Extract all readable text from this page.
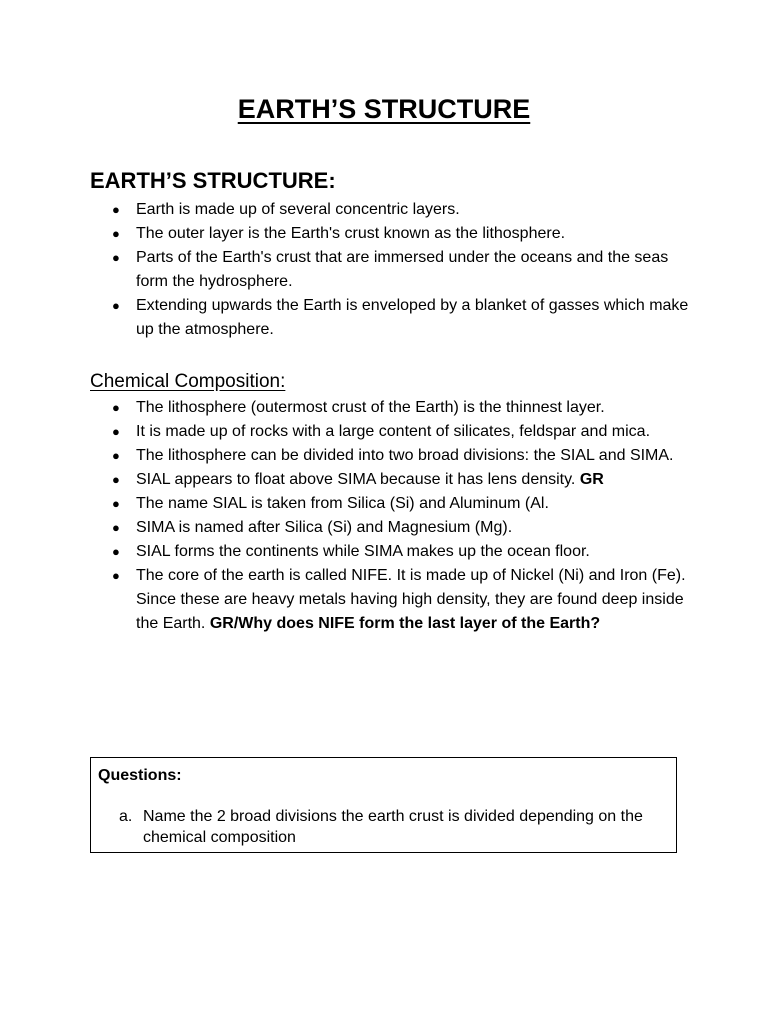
EARTH’S STRUCTURE
EARTH’S STRUCTURE:
● Earth is made up of several concentric layers.
● The outer layer is the Earth's crust known as the lithosphere.
● Parts of the Earth's crust that are immersed under the oceans and the seas form the hydrosphere.
● Extending upwards the Earth is enveloped by a blanket of gasses which make up the atmosphere.
Chemical Composition:
● The lithosphere (outermost crust of the Earth) is the thinnest layer.
● It is made up of rocks with a large content of silicates, feldspar and mica.
● The lithosphere can be divided into two broad divisions: the SIAL and SIMA.
● SIAL appears to float above SIMA because it has lens density. GR
● The name SIAL is taken from Silica (Si) and Aluminum (Al.
● SIMA is named after Silica (Si) and Magnesium (Mg).
● SIAL forms the continents while SIMA makes up the ocean floor.
● The core of the earth is called NIFE. It is made up of Nickel (Ni) and Iron (Fe). Since these are heavy metals having high density, they are found deep inside the Earth. GR/Why does NIFE form the last layer of the Earth?

Questions:

a. Name the 2 broad divisions the earth crust is divided depending on the chemical composition
